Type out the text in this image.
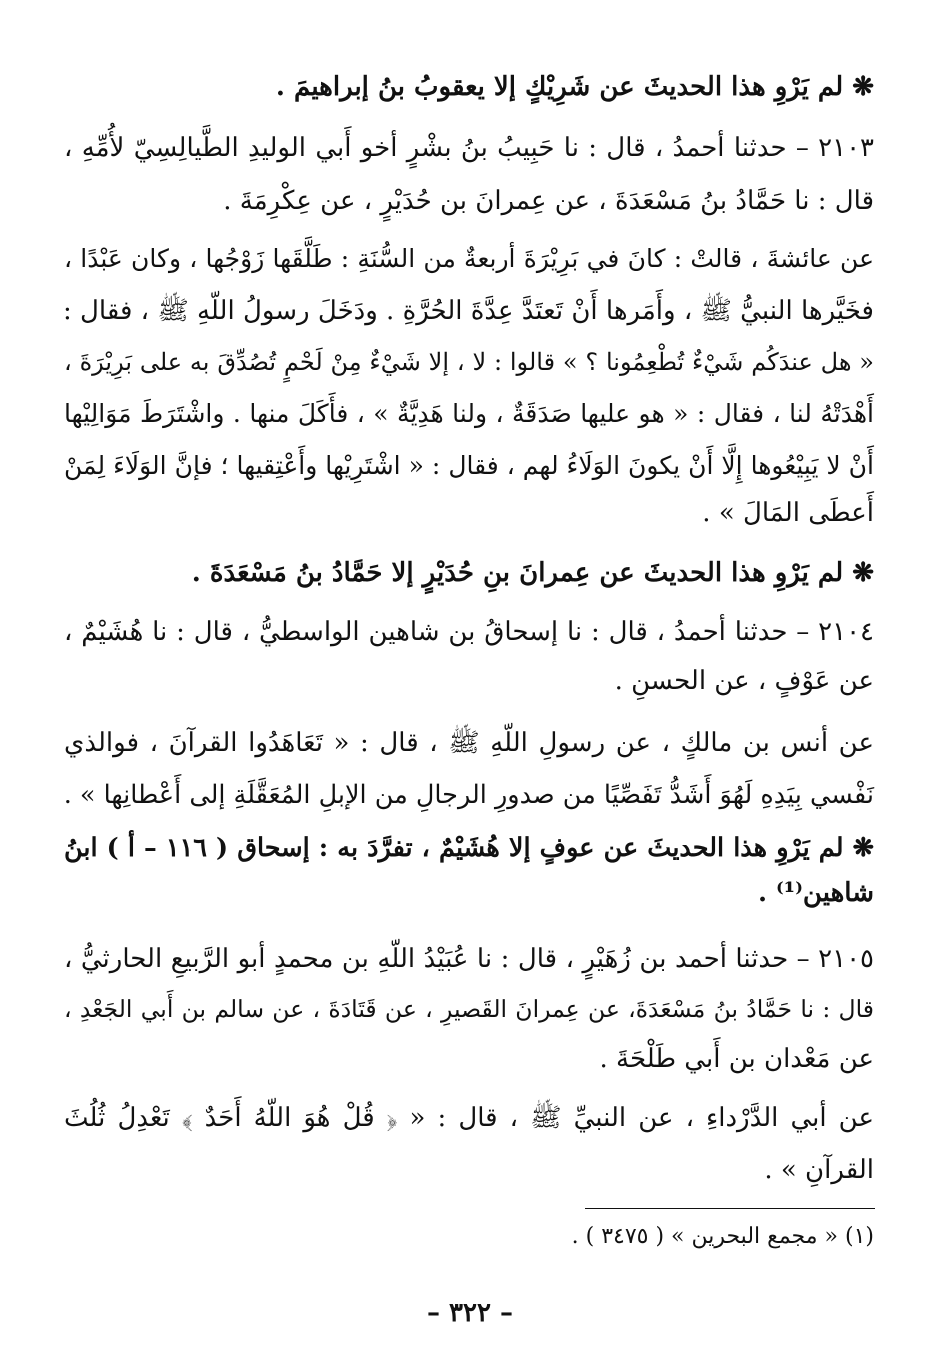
❋ لم يَرْوِ هذا الحديثَ عن شَرِيْكٍ إلا يعقوبُ بنُ إبراهيمَ .
٢١٠٣ – حدثنا أحمدُ ، قال : نا حَبِيبُ بنُ بشْرٍ أخو أَبي الوليدِ الطَّيالِسِيّ لأُمِّهِ ،
قال : نا حَمَّادُ بنُ مَسْعَدَةَ ، عن عِمرانَ بن حُدَيْرٍ ، عن عِكْرِمَةَ .
عن عائشةَ ، قالتْ : كانَ في بَرِيْرَةَ أربعةٌ من السُّنَةِ : طَلَّقَها زَوْجُها ، وكان عَبْدًا ،
فخَيَّرها النبيُّ ﷺ ، وأَمَرها أَنْ تَعتَدَّ عِدَّةَ الحُرَّةِ . ودَخَلَ رسولُ اللّهِ ﷺ ، فقال :
« هل عندَكُم شَيْءٌ تُطْعِمُونا ؟ » قالوا : لا ، إلا شَيْءٌ مِنْ لَحْمٍ تُصُدِّقَ به على بَرِيْرَةَ ،
أَهْدَتْهُ لنا ، فقال : « هو عليها صَدَقَةٌ ، ولنا هَدِيَّةٌ » ، فأَكَلَ منها . واشْتَرَطَ مَوَالِيْها
أَنْ لا يَبِيْعُوها إِلَّا أَنْ يكونَ الوَلَاءُ لهم ، فقال : « اشْتَرِيْها وأَعْتِقيها ؛ فإنَّ الوَلَاءَ لِمَنْ
أَعطَى المَالَ » .
❋ لم يَرْوِ هذا الحديثَ عن عِمرانَ بنِ حُدَيْرٍ إلا حَمَّادُ بنُ مَسْعَدَةَ .
٢١٠٤ – حدثنا أحمدُ ، قال : نا إسحاقُ بن شاهين الواسطيُّ ، قال : نا هُشَيْمٌ ،
عن عَوْفٍ ، عن الحسنِ .
عن أنس بن مالكٍ ، عن رسولِ اللّهِ ﷺ ، قال : « تَعَاهَدُوا القرآنَ ، فوالذي
نَفْسي بِيَدِهِ لَهُوَ أَشَدُّ تَفَصِّيًا من صدورِ الرجالِ من الإبلِ المُعَقَّلَةِ إلى أَعْطانِها » .
❋ لم يَرْوِ هذا الحديثَ عن عوفٍ إلا هُشَيْمٌ ، تفرَّدَ به : إسحاق ( ١١٦ – أ ) ابنُ
شاهين⁽¹⁾ .
٢١٠٥ – حدثنا أحمد بن زُهَيْرٍ ، قال : نا عُبَيْدُ اللّهِ بن محمدٍ أبو الرَّبيعِ الحارثيُّ ،
قال : نا حَمَّادُ بنُ مَسْعَدَةَ، عن عِمرانَ القَصيرِ ، عن قَتَادَةَ ، عن سالم بن أَبي الجَعْدِ ،
عن مَعْدان بن أَبي طَلْحَةَ .
عن أبي الدَّرْداءِ ، عن النبيِّ ﷺ ، قال : « ﴿ قُلْ هُوَ اللّهُ أَحَدٌ ﴾ تَعْدِلُ ثُلُثَ
القرآنِ » .
(١) « مجمع البحرين » ( ٣٤٧٥ ) .
– ٣٢٢ –
